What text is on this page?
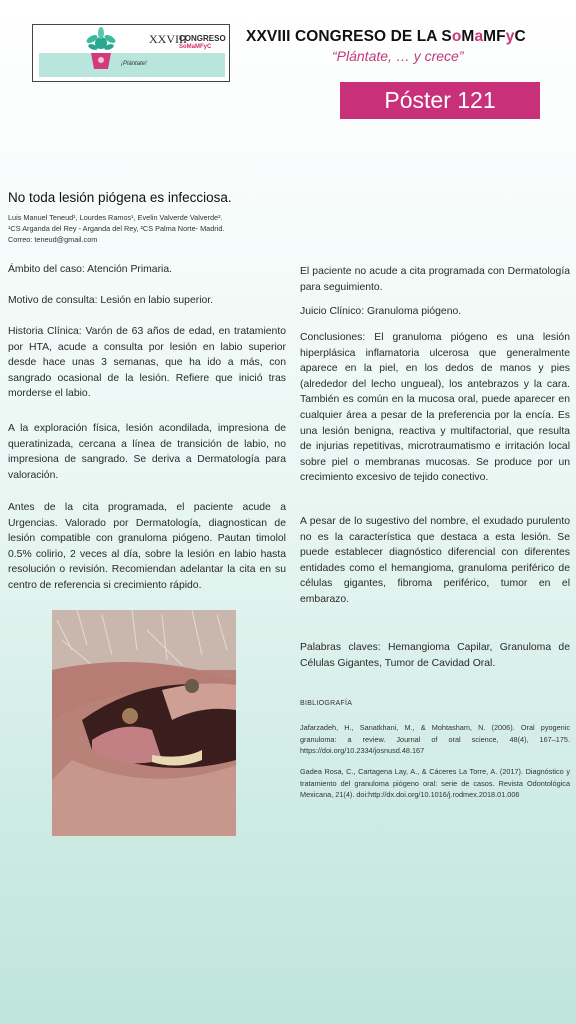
XXVIII
CONGRESO
SoMaMFyC
¡Plántate!
XXVIII CONGRESO DE LA SoMaMFyC
“Plántate, … y crece”
Póster 121
No toda lesión piógena es infecciosa.
Luis Manuel Teneud¹, Lourdes Ramos¹, Evelin Valverde Valverde².
¹CS Arganda del Rey - Arganda del Rey, ²CS Palma Norte- Madrid.
Correo: teneud@gmail.com

Ámbito del caso: Atención Primaria.

Motivo de consulta: Lesión en labio superior.

Historia Clínica: Varón de 63 años de edad, en tratamiento por HTA, acude a consulta por lesión en labio superior desde hace unas 3 semanas, que ha ido a más, con sangrado ocasional de la lesión. Refiere que inició tras morderse el labio.

A la exploración física, lesión acondilada, impresiona de queratinizada, cercana a línea de transición de labio, no impresiona de sangrado. Se deriva a Dermatología para valoración.

Antes de la cita programada, el paciente acude a Urgencias. Valorado por Dermatología, diagnostican de lesión compatible con granuloma piógeno. Pautan timolol 0.5% colirio, 2 veces al día, sobre la lesión en labio hasta resolución o revisión. Recomiendan adelantar la cita en su centro de referencia si crecimiento rápido.

El paciente no acude a cita programada con Dermatología para seguimiento.

Juicio Clínico: Granuloma piógeno.

Conclusiones: El granuloma piógeno es una lesión hiperplásica inflamatoria ulcerosa que generalmente aparece en la piel, en los dedos de manos y pies (alrededor del lecho ungueal), los antebrazos y la cara. También es común en la mucosa oral, puede aparecer en cualquier área a pesar de la preferencia por la encía. Es una lesión benigna, reactiva y multifactorial, que resulta de injurias repetitivas, microtraumatismo e irritación local sobre piel o membranas mucosas. Se produce por un crecimiento excesivo de tejido conectivo.

A pesar de lo sugestivo del nombre, el exudado purulento no es la característica que destaca a esta lesión. Se puede establecer diagnóstico diferencial con diferentes entidades como el hemangioma, granuloma periférico de células gigantes, fibroma periférico, tumor en el embarazo.

Palabras claves: Hemangioma Capilar, Granuloma de Células Gigantes, Tumor de Cavidad Oral.

BIBLIOGRAFÍA
Jafarzadeh, H., Sanatkhani, M., & Mohtasham, N. (2006). Oral pyogenic granuloma: a review. Journal of oral science, 48(4), 167–175. https://doi.org/10.2334/josnusd.48.167
Gadea Rosa, C., Cartagena Lay, A., & Cáceres La Torre, A. (2017). Diagnóstico y tratamiento del granuloma piógeno oral: serie de casos. Revista Odontológica Mexicana, 21(4). doi:http://dx.doi.org/10.1016/j.rodmex.2018.01.006
